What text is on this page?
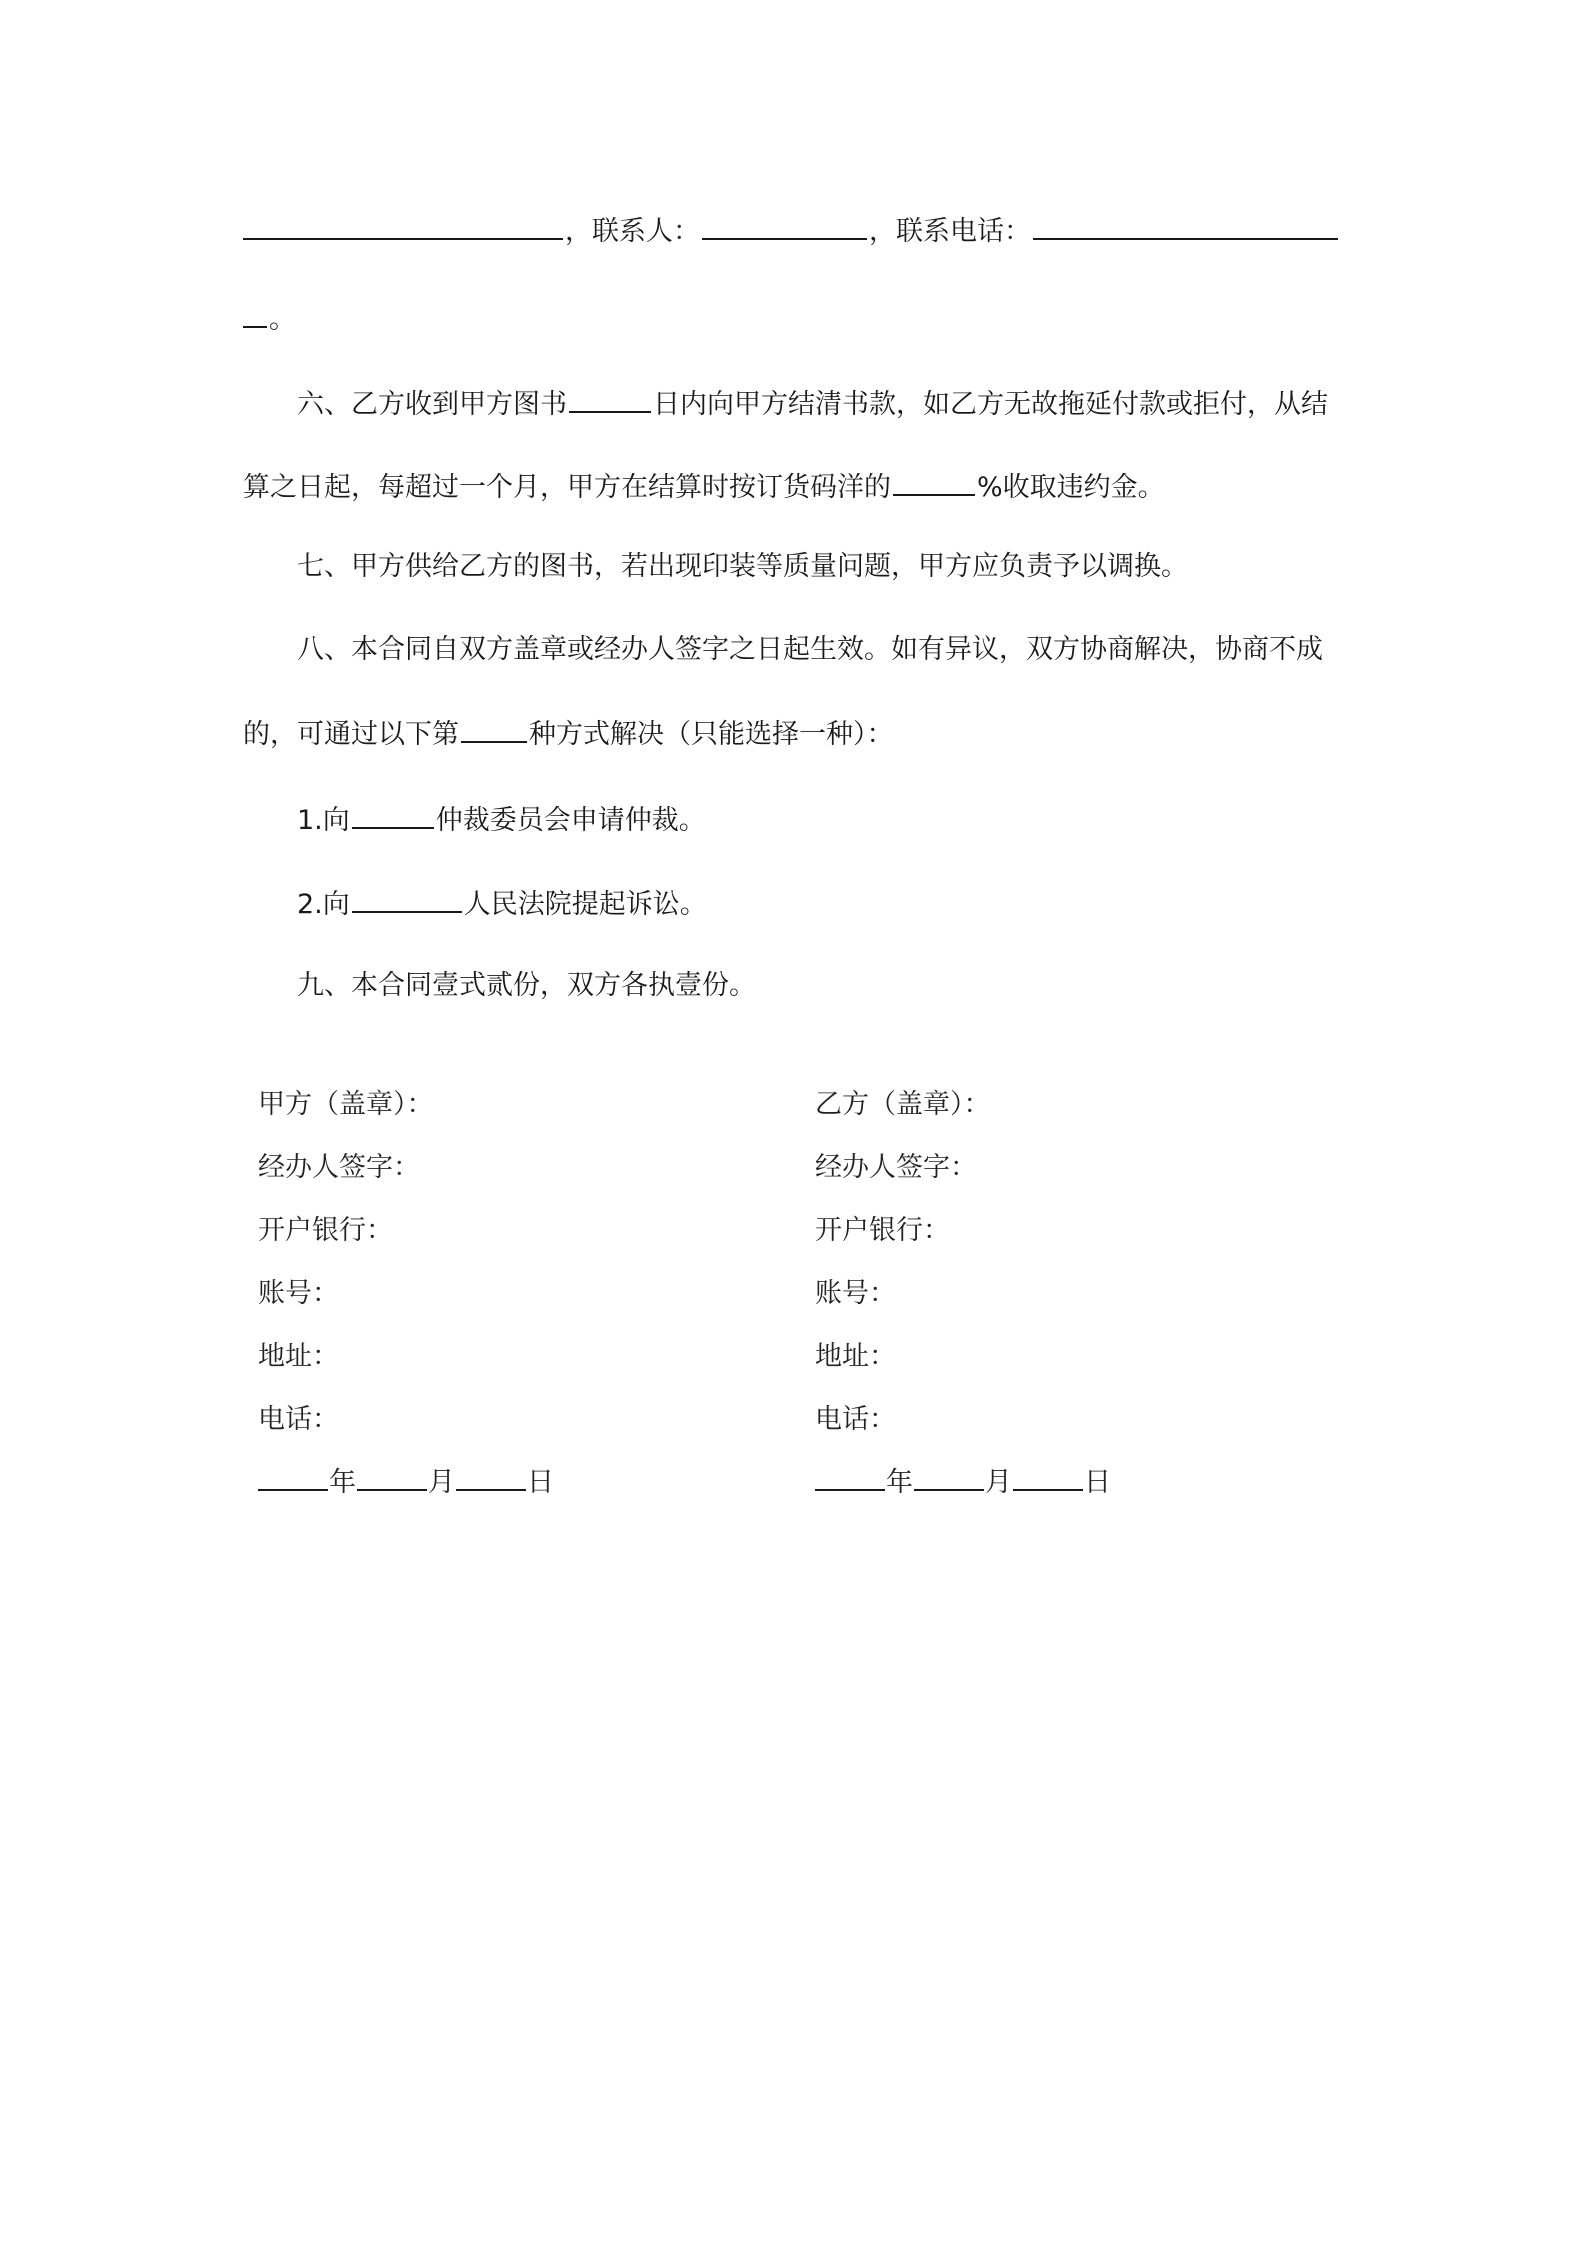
，联系人：	，联系电话：
。
六、乙方收到甲方图书	日内向甲方结清书款，如乙方无故拖延付款或拒付，从结
算之日起，每超过一个月，甲方在结算时按订货码洋的	%收取违约金。
七、甲方供给乙方的图书，若出现印装等质量问题，甲方应负责予以调换。
八、本合同自双方盖章或经办人签字之日起生效。如有异议，双方协商解决，协商不成
的，可通过以下第	种方式解决（只能选择一种）：
1.向	仲裁委员会申请仲裁。
2.向	人民法院提起诉讼。
九、本合同壹式贰份，双方各执壹份。
甲方（盖章）：
经办人签字：
开户银行：
账号：
地址：
电话：
年	月	日
乙方（盖章）：
经办人签字：
开户银行：
账号：
地址：
电话：
年	月	日
